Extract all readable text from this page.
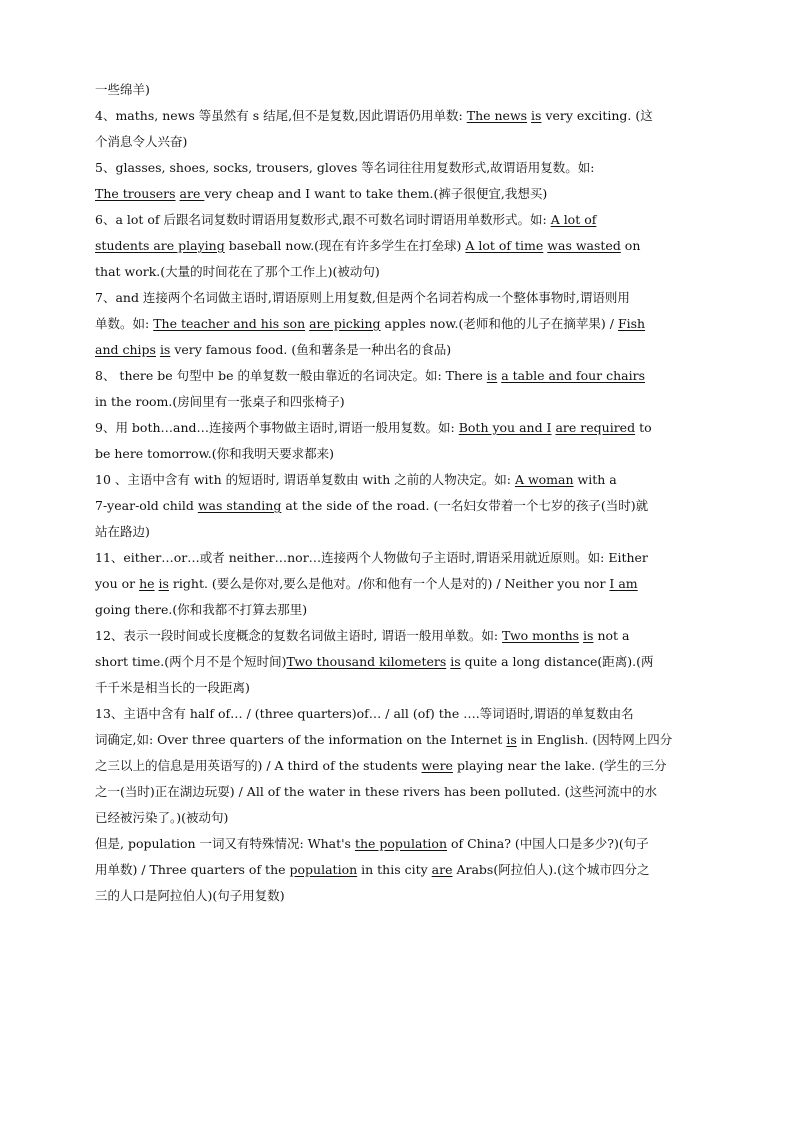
一些绵羊)
4、maths, news 等虽然有 s 结尾,但不是复数,因此谓语仍用单数: The news is very exciting. (这
个消息令人兴奋)
5、glasses, shoes, socks, trousers, gloves 等名词往往用复数形式,故谓语用复数。如:
The trousers are very cheap and I want to take them.(裤子很便宜,我想买)
6、a lot of 后跟名词复数时谓语用复数形式,跟不可数名词时谓语用单数形式。如: A lot of
students are playing baseball now.(现在有许多学生在打垒球) A lot of time was wasted on
that work.(大量的时间花在了那个工作上)(被动句)
7、and 连接两个名词做主语时,谓语原则上用复数,但是两个名词若构成一个整体事物时,谓语则用
单数。如: The teacher and his son are picking apples now.(老师和他的儿子在摘苹果) / Fish
and chips is very famous food. (鱼和薯条是一种出名的食品)
8、 there be 句型中 be 的单复数一般由靠近的名词决定。如: There is a table and four chairs
in the room.(房间里有一张桌子和四张椅子)
9、用 both…and…连接两个事物做主语时,谓语一般用复数。如: Both you and I are required to
be here tomorrow.(你和我明天要求都来)
10 、主语中含有 with 的短语时, 谓语单复数由 with 之前的人物决定。如: A woman with a
7-year-old child was standing at the side of the road. (一名妇女带着一个七岁的孩子(当时)就
站在路边)
11、either…or…或者 neither…nor…连接两个人物做句子主语时,谓语采用就近原则。如: Either
you or he is right. (要么是你对,要么是他对。/你和他有一个人是对的) / Neither you nor I am
going there.(你和我都不打算去那里)
12、表示一段时间或长度概念的复数名词做主语时, 谓语一般用单数。如: Two months is not a
short time.(两个月不是个短时间)Two thousand kilometers is quite a long distance(距离).(两
千千米是相当长的一段距离)
13、主语中含有 half of… / (three quarters)of… / all (of) the ….等词语时,谓语的单复数由名
词确定,如: Over three quarters of the information on the Internet is in English. (因特网上四分
之三以上的信息是用英语写的) / A third of the students were playing near the lake. (学生的三分
之一(当时)正在湖边玩耍) / All of the water in these rivers has been polluted. (这些河流中的水
已经被污染了。)(被动句)
但是, population 一词又有特殊情况: What's the population of China? (中国人口是多少?)(句子
用单数) / Three quarters of the population in this city are Arabs(阿拉伯人).(这个城市四分之
三的人口是阿拉伯人)(句子用复数)
